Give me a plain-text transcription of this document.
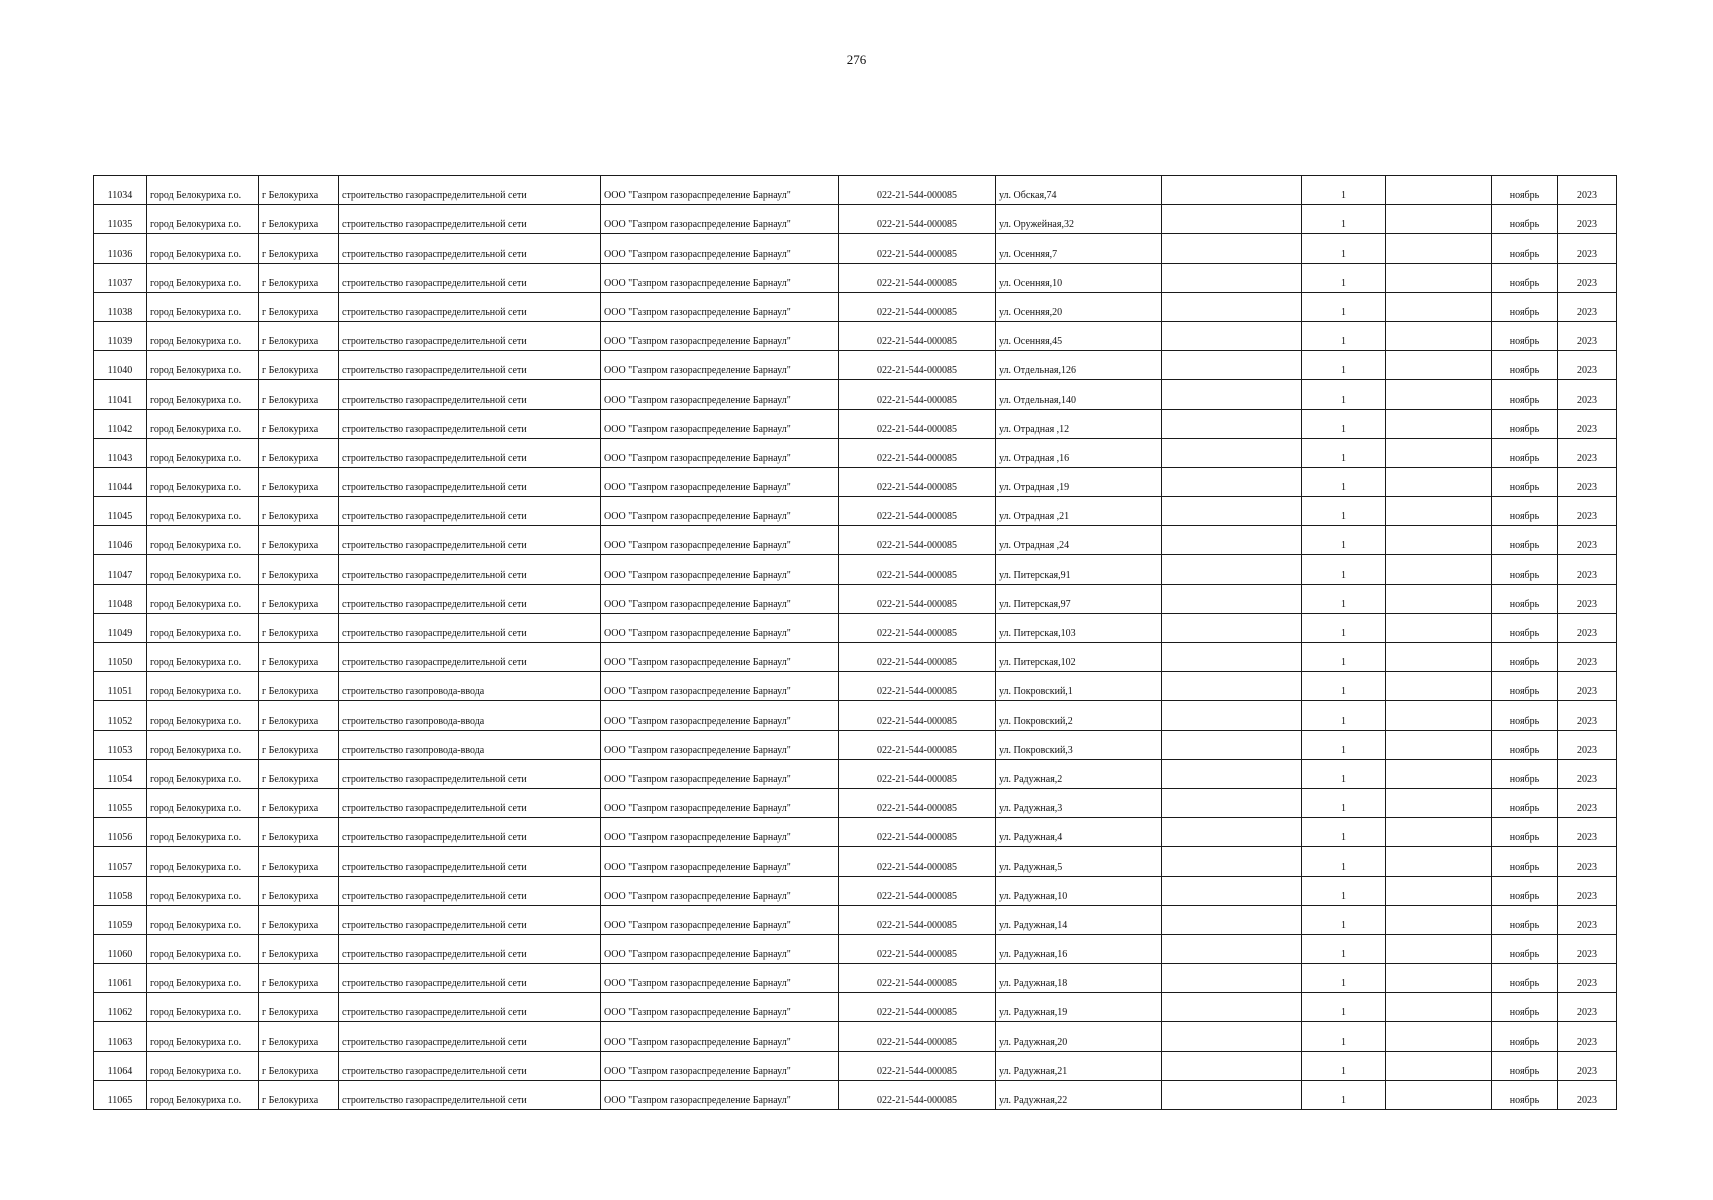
276
11034	город Белокуриха г.о.	г Белокуриха	строительство газораспределительной сети	ООО "Газпром газораспределение Барнаул"	022-21-544-000085	ул. Обская,74		1		ноябрь	2023
11035	город Белокуриха г.о.	г Белокуриха	строительство газораспределительной сети	ООО "Газпром газораспределение Барнаул"	022-21-544-000085	ул. Оружейная,32		1		ноябрь	2023
11036	город Белокуриха г.о.	г Белокуриха	строительство газораспределительной сети	ООО "Газпром газораспределение Барнаул"	022-21-544-000085	ул. Осенняя,7		1		ноябрь	2023
11037	город Белокуриха г.о.	г Белокуриха	строительство газораспределительной сети	ООО "Газпром газораспределение Барнаул"	022-21-544-000085	ул. Осенняя,10		1		ноябрь	2023
11038	город Белокуриха г.о.	г Белокуриха	строительство газораспределительной сети	ООО "Газпром газораспределение Барнаул"	022-21-544-000085	ул. Осенняя,20		1		ноябрь	2023
11039	город Белокуриха г.о.	г Белокуриха	строительство газораспределительной сети	ООО "Газпром газораспределение Барнаул"	022-21-544-000085	ул. Осенняя,45		1		ноябрь	2023
11040	город Белокуриха г.о.	г Белокуриха	строительство газораспределительной сети	ООО "Газпром газораспределение Барнаул"	022-21-544-000085	ул. Отдельная,126		1		ноябрь	2023
11041	город Белокуриха г.о.	г Белокуриха	строительство газораспределительной сети	ООО "Газпром газораспределение Барнаул"	022-21-544-000085	ул. Отдельная,140		1		ноябрь	2023
11042	город Белокуриха г.о.	г Белокуриха	строительство газораспределительной сети	ООО "Газпром газораспределение Барнаул"	022-21-544-000085	ул. Отрадная ,12		1		ноябрь	2023
11043	город Белокуриха г.о.	г Белокуриха	строительство газораспределительной сети	ООО "Газпром газораспределение Барнаул"	022-21-544-000085	ул. Отрадная ,16		1		ноябрь	2023
11044	город Белокуриха г.о.	г Белокуриха	строительство газораспределительной сети	ООО "Газпром газораспределение Барнаул"	022-21-544-000085	ул. Отрадная ,19		1		ноябрь	2023
11045	город Белокуриха г.о.	г Белокуриха	строительство газораспределительной сети	ООО "Газпром газораспределение Барнаул"	022-21-544-000085	ул. Отрадная ,21		1		ноябрь	2023
11046	город Белокуриха г.о.	г Белокуриха	строительство газораспределительной сети	ООО "Газпром газораспределение Барнаул"	022-21-544-000085	ул. Отрадная ,24		1		ноябрь	2023
11047	город Белокуриха г.о.	г Белокуриха	строительство газораспределительной сети	ООО "Газпром газораспределение Барнаул"	022-21-544-000085	ул. Питерская,91		1		ноябрь	2023
11048	город Белокуриха г.о.	г Белокуриха	строительство газораспределительной сети	ООО "Газпром газораспределение Барнаул"	022-21-544-000085	ул. Питерская,97		1		ноябрь	2023
11049	город Белокуриха г.о.	г Белокуриха	строительство газораспределительной сети	ООО "Газпром газораспределение Барнаул"	022-21-544-000085	ул. Питерская,103		1		ноябрь	2023
11050	город Белокуриха г.о.	г Белокуриха	строительство газораспределительной сети	ООО "Газпром газораспределение Барнаул"	022-21-544-000085	ул. Питерская,102		1		ноябрь	2023
11051	город Белокуриха г.о.	г Белокуриха	строительство газопровода-ввода	ООО "Газпром газораспределение Барнаул"	022-21-544-000085	ул. Покровский,1		1		ноябрь	2023
11052	город Белокуриха г.о.	г Белокуриха	строительство газопровода-ввода	ООО "Газпром газораспределение Барнаул"	022-21-544-000085	ул. Покровский,2		1		ноябрь	2023
11053	город Белокуриха г.о.	г Белокуриха	строительство газопровода-ввода	ООО "Газпром газораспределение Барнаул"	022-21-544-000085	ул. Покровский,3		1		ноябрь	2023
11054	город Белокуриха г.о.	г Белокуриха	строительство газораспределительной сети	ООО "Газпром газораспределение Барнаул"	022-21-544-000085	ул. Радужная,2		1		ноябрь	2023
11055	город Белокуриха г.о.	г Белокуриха	строительство газораспределительной сети	ООО "Газпром газораспределение Барнаул"	022-21-544-000085	ул. Радужная,3		1		ноябрь	2023
11056	город Белокуриха г.о.	г Белокуриха	строительство газораспределительной сети	ООО "Газпром газораспределение Барнаул"	022-21-544-000085	ул. Радужная,4		1		ноябрь	2023
11057	город Белокуриха г.о.	г Белокуриха	строительство газораспределительной сети	ООО "Газпром газораспределение Барнаул"	022-21-544-000085	ул. Радужная,5		1		ноябрь	2023
11058	город Белокуриха г.о.	г Белокуриха	строительство газораспределительной сети	ООО "Газпром газораспределение Барнаул"	022-21-544-000085	ул. Радужная,10		1		ноябрь	2023
11059	город Белокуриха г.о.	г Белокуриха	строительство газораспределительной сети	ООО "Газпром газораспределение Барнаул"	022-21-544-000085	ул. Радужная,14		1		ноябрь	2023
11060	город Белокуриха г.о.	г Белокуриха	строительство газораспределительной сети	ООО "Газпром газораспределение Барнаул"	022-21-544-000085	ул. Радужная,16		1		ноябрь	2023
11061	город Белокуриха г.о.	г Белокуриха	строительство газораспределительной сети	ООО "Газпром газораспределение Барнаул"	022-21-544-000085	ул. Радужная,18		1		ноябрь	2023
11062	город Белокуриха г.о.	г Белокуриха	строительство газораспределительной сети	ООО "Газпром газораспределение Барнаул"	022-21-544-000085	ул. Радужная,19		1		ноябрь	2023
11063	город Белокуриха г.о.	г Белокуриха	строительство газораспределительной сети	ООО "Газпром газораспределение Барнаул"	022-21-544-000085	ул. Радужная,20		1		ноябрь	2023
11064	город Белокуриха г.о.	г Белокуриха	строительство газораспределительной сети	ООО "Газпром газораспределение Барнаул"	022-21-544-000085	ул. Радужная,21		1		ноябрь	2023
11065	город Белокуриха г.о.	г Белокуриха	строительство газораспределительной сети	ООО "Газпром газораспределение Барнаул"	022-21-544-000085	ул. Радужная,22		1		ноябрь	2023
